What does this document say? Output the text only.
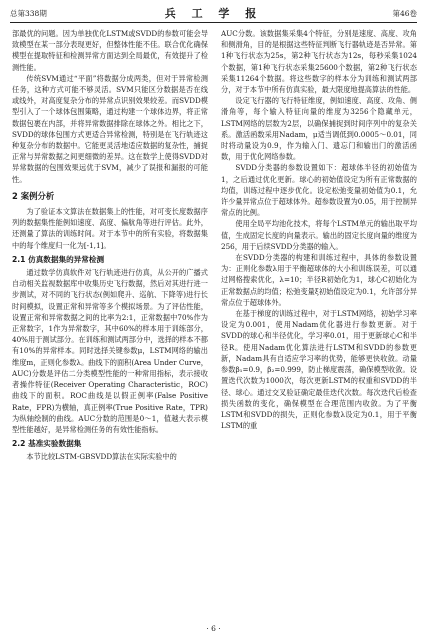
总第338期	兵 工 学 报	第46卷

部最优的问题。因为单独优化LSTM或SVDD的参数可能会导致模型在某一部分表现更好，但整体性能不佳。联合优化确保模型在提取特征和检测异常方面达到全局最优，有效提升了检测性能。

传统SVM通过“平面”将数据分成两类，但对于异常检测任务，这种方式可能不够灵活。SVM只能区分数据是否在线或线外，对高度复杂分布的异常点识别效果较差。而SVDD模型引入了一个球体包围策略，通过构建一个球体边界，将正常数据包裹在内部，并将异常数据排除在球体之外。相比之下，SVDD的球体包围方式更适合异常检测，特别是在飞行轨迹这种复杂分布的数据中。它能更灵活地适应数据的复杂性，捕捉正常与异常数据之间更细微的差异。这在数学上使得SVDD对异常数据的包围效果远优于SVM，减少了误报和漏报的可能性。

2 案例分析

为了验证本文算法在数据集上的性能，对可变长度数据序列的数据集性能例如速度、高度、偏航角等进行评估。此外，还测量了算法的训练时间。对于本节中的所有实验，将数据集中的每个维度归一化为[-1,1]。

2.1 仿真数据集的异常检测

通过数学仿真软件对飞行轨迹进行仿真，从公开的广播式自动相关监视数据库中收集历史飞行数据，然后对其进行进一步测试，对不同的飞行状态(例如爬升、巡航、下降等)进行长时间模拟，设置正常和异常等多个模拟场景。为了评估性能，设置正常和异常数据之间的比率为2:1，正常数据中70%作为正常数字，1作为异常数字，其中60%的样本用于训练部分，40%用于测试部分。在训练和测试两部分中，选择的样本不都有10%的异常样本。同时选择关键参数μ，LSTM网络的输出维度m，正则化参数λ。曲线下的面积(Area Under Curve，AUC)分数是评估二分类模型性能的一种常用指标，表示接收者操作特征(Receiver Operating Characteristic，ROC)曲线下的面积。ROC曲线是以假正例率(False Positive Rate，FPR)为横轴，真正例率(True Positive Rate，TPR)为纵轴绘制的曲线。AUC分数的范围是0～1，值越大表示模型性能越好，是异常检测任务的有效性能指标。

2.2 基准实验数据集

本节比较LSTM-GBSVDD算法在实际实验中的

AUC分数。该数据集采集4个特征，分别是速度、高度、攻角和侧滑角，目的是根据这些特征判断飞行器轨迹是否异常。第1种飞行状态为25s，第2种飞行状态为12s，每秒采集1024个数据，第1种飞行状态采集25600个数据，第2种飞行状态采集11264个数据。将这些数字的样本分为训练和测试两部分，对于本节中所有仿真实验，最大限度地提高算法的性能。

设定飞行器的飞行特征维度，例如速度、高度、攻角、侧滑角等，每个输入特征向量的维度为3256个隐藏单元，LSTM网络的层数为2层，以确保捕捉到时间序列中的复杂关系。激活函数采用Nadam，μ适当调低到0.0005～0.01，同时将动量设为0.9，作为输入门、遗忘门和输出门的激活函数，用于优化网络参数。

SVDD分类器的参数设置如下：超球体半径的初始值为1，之后通过优化更新。球心的初始值设定为所有正常数据的均值，训练过程中逐步优化。设定松弛变量初始值为0.1，允许少量异常点位于超球体外。超参数设置为0.05，用于控制异常点的比例。

使用全局平均池化技术，将每个LSTM单元的输出取平均值，生成固定长度的向量表示。输出的固定长度向量的维度为256，用于后续SVDD分类器的输入。

在SVDD分类器的构建和训练过程中，具体的参数设置为：正则化参数λ用于平衡超球体的大小和训练误差，可以通过网格搜索优化，λ=10；半径R初始化为1，球心C初始化为正常数据点的均值；松弛变量ξ初始值设定为0.1，允许部分异常点位于超球体外。

在基于梯度的训练过程中，对于LSTM网络，初始学习率设定为0.001，使用Nadam优化器进行参数更新。对于SVDD的球心和半径优化，学习率0.01，用于更新球心C和半径R。使用Nadam优化算法进行LSTM和SVDD的参数更新，Nadam具有自适应学习率的优势，能够更快收敛。动量参数β₁=0.9，β₂=0.999，防止梯度震荡，确保模型收敛。设置迭代次数为1000次，每次更新LSTM的权重和SVDD的半径、球心。通过交叉验证确定最佳迭代次数。每次迭代后检查损失函数的变化，确保模型在合理范围内收敛。为了平衡LSTM和SVDD的损失，正则化参数λ设定为0.1，用于平衡LSTM的重

· 6 ·
